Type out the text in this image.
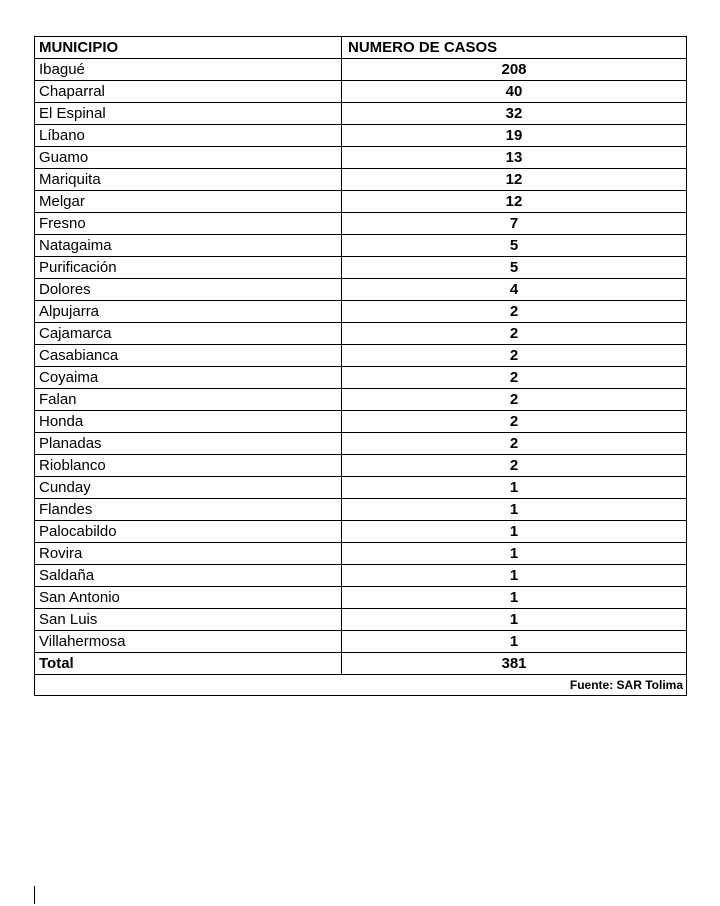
MUNICIPIO	NUMERO DE CASOS
Ibagué	208
Chaparral	40
El Espinal	32
Líbano	19
Guamo	13
Mariquita	12
Melgar	12
Fresno	7
Natagaima	5
Purificación	5
Dolores	4
Alpujarra	2
Cajamarca	2
Casabianca	2
Coyaima	2
Falan	2
Honda	2
Planadas	2
Rioblanco	2
Cunday	1
Flandes	1
Palocabildo	1
Rovira	1
Saldaña	1
San Antonio	1
San Luis	1
Villahermosa	1
Total	381
Fuente: SAR Tolima	
